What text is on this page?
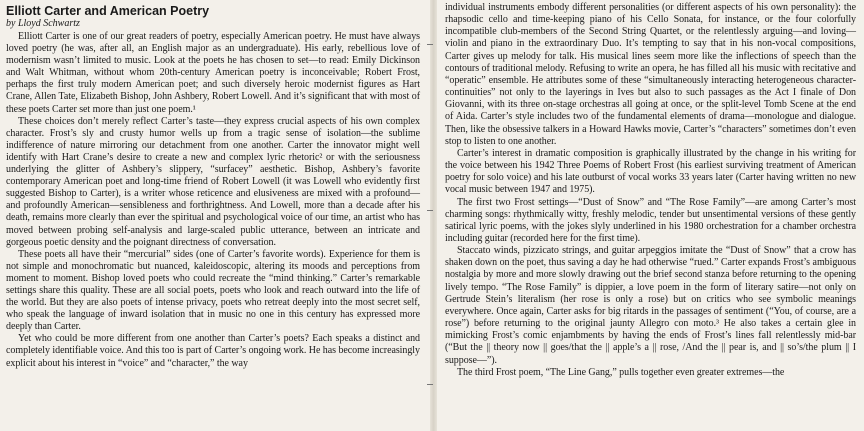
Elliott Carter and American Poetry
by Lloyd Schwartz

Elliott Carter is one of our great readers of poetry, especially American poetry. He must have always loved poetry (he was, after all, an English major as an undergraduate). His early, rebellious love of modernism wasn’t limited to music. Look at the poets he has chosen to set—to read: Emily Dickinson and Walt Whitman, without whom 20th-century American poetry is inconceivable; Robert Frost, perhaps the first truly modern American poet; and such diversely heroic modernist figures as Hart Crane, Allen Tate, Elizabeth Bishop, John Ashbery, Robert Lowell. And it’s significant that with most of these poets Carter set more than just one poem.¹

These choices don’t merely reflect Carter’s taste—they express crucial aspects of his own complex character. Frost’s sly and crusty humor wells up from a tragic sense of isolation—the sublime indifference of nature mirroring our detachment from one another. Carter the innovator might well identify with Hart Crane’s desire to create a new and complex lyric rhetoric² or with the seriousness underlying the glitter of Ashbery’s slippery, “surfacey” aesthetic. Bishop, Ashbery’s favorite contemporary American poet and long-time friend of Robert Lowell (it was Lowell who evidently first suggested Bishop to Carter), is a writer whose reticence and elusiveness are mixed with a profound—and profoundly American—sensibleness and forthrightness. And Lowell, more than a decade after his death, remains more clearly than ever the spiritual and psychological voice of our time, an artist who has moved between probing self-analysis and large-scaled public utterance, between an intricate and gorgeous poetic density and the poignant directness of conversation.

These poets all have their “mercurial” sides (one of Carter’s favorite words). Experience for them is not simple and monochromatic but nuanced, kaleidoscopic, altering its moods and perceptions from moment to moment. Bishop loved poets who could recreate the “mind thinking.” Carter’s remarkable settings share this quality. These are all social poets, poets who look and reach outward into the life of the world. But they are also poets of intense privacy, poets who retreat deeply into the most secret self, who speak the language of inward isolation that in music no one in this century has expressed more deeply than Carter.

Yet who could be more different from one another than Carter’s poets? Each speaks a distinct and completely identifiable voice. And this too is part of Carter’s ongoing work. He has become increasingly explicit about his interest in “voice” and “character,” the way

individual instruments embody different personalities (or different aspects of his own personality): the rhapsodic cello and time-keeping piano of his Cello Sonata, for instance, or the four colorfully incompatible club-members of the Second String Quartet, or the relentlessly arguing—and loving—violin and piano in the extraordinary Duo. It’s tempting to say that in his non-vocal compositions, Carter gives up melody for talk. His musical lines seem more like the inflections of speech than the contours of traditional melody. Refusing to write an opera, he has filled all his music with recitative and “operatic” ensemble. He attributes some of these “simultaneously interacting heterogeneous character-continuities” not only to the layerings in Ives but also to such passages as the Act I finale of Don Giovanni, with its three on-stage orchestras all going at once, or the split-level Tomb Scene at the end of Aida. Carter’s style includes two of the fundamental elements of drama—monologue and dialogue. Then, like the obsessive talkers in a Howard Hawks movie, Carter’s “characters” sometimes don’t even stop to listen to one another.

Carter’s interest in dramatic composition is graphically illustrated by the change in his writing for the voice between his 1942 Three Poems of Robert Frost (his earliest surviving treatment of American poetry for solo voice) and his late outburst of vocal works 33 years later (Carter having written no new vocal music between 1947 and 1975).

The first two Frost settings—“Dust of Snow” and “The Rose Family”—are among Carter’s most charming songs: rhythmically witty, freshly melodic, tender but unsentimental versions of these gently satirical lyric poems, with the jokes slyly underlined in his 1980 orchestration for a chamber orchestra including guitar (recorded here for the first time).

Staccato winds, pizzicato strings, and guitar arpeggios imitate the “Dust of Snow” that a crow has shaken down on the poet, thus saving a day he had otherwise “rued.” Carter expands Frost’s ambiguous nostalgia by more and more slowly drawing out the brief second stanza before returning to the opening lively tempo. “The Rose Family” is dippier, a love poem in the form of literary satire—not only on Gertrude Stein’s literalism (her rose is only a rose) but on critics who see symbolic meanings everywhere. Once again, Carter asks for big ritards in the passages of sentiment (“You, of course, are a rose”) before returning to the original jaunty Allegro con moto.³ He also takes a certain glee in mimicking Frost’s comic enjambments by having the ends of Frost’s lines fall relentlessly mid-bar (“But the || theory now || goes/that the || apple’s a || rose, /And the || pear is, and || so’s/the plum || I suppose—”).

The third Frost poem, “The Line Gang,” pulls together even greater extremes—the
